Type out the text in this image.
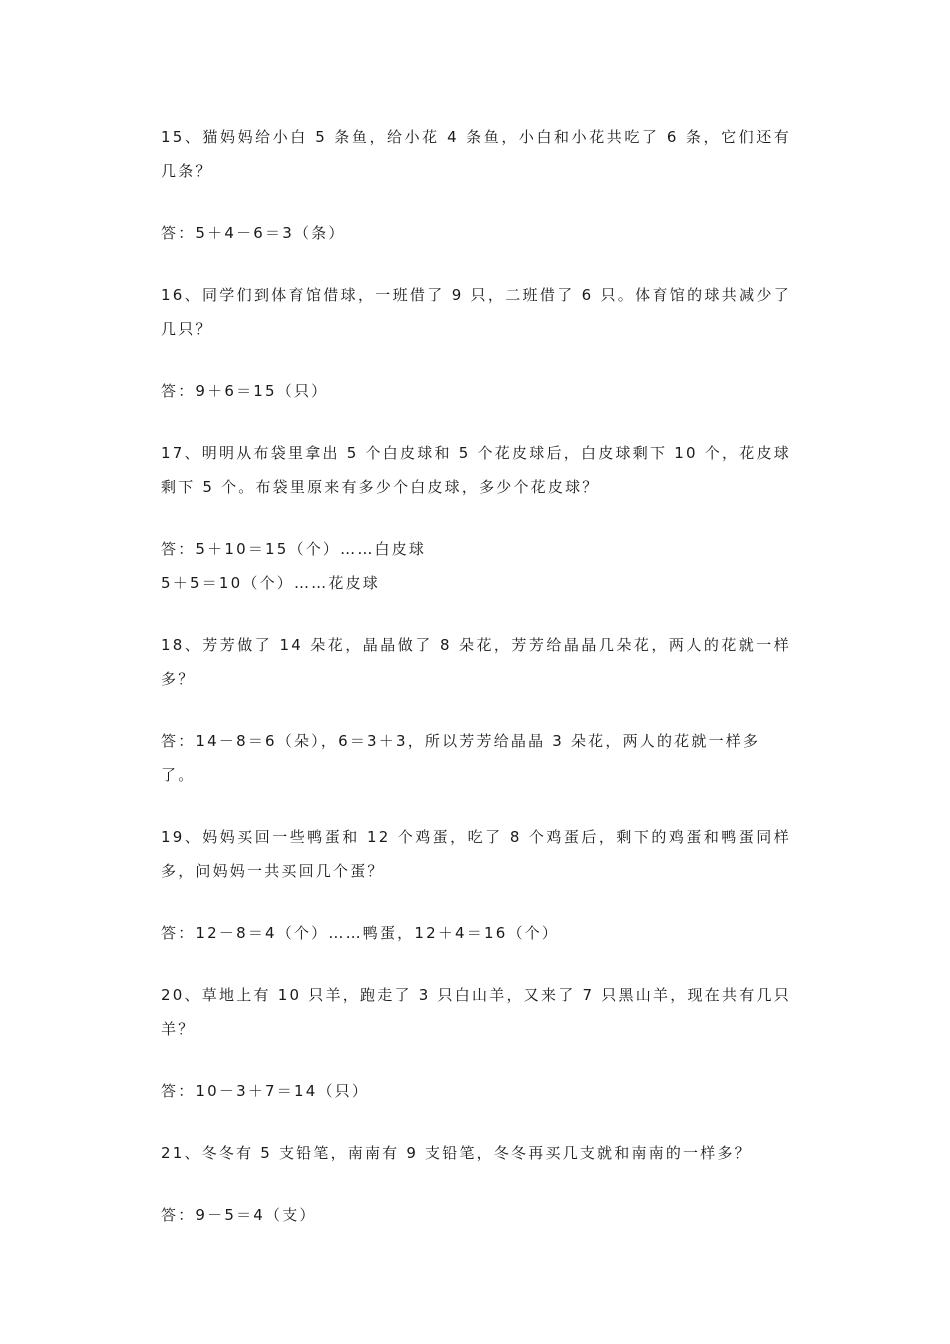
15、猫妈妈给小白 5 条鱼，给小花 4 条鱼，小白和小花共吃了 6 条，它们还有几条？

答：5＋4－6＝3（条）

16、同学们到体育馆借球，一班借了 9 只，二班借了 6 只。体育馆的球共减少了几只？

答：9＋6＝15（只）

17、明明从布袋里拿出 5 个白皮球和 5 个花皮球后，白皮球剩下 10 个，花皮球剩下 5 个。布袋里原来有多少个白皮球，多少个花皮球？

答：5＋10＝15（个）……白皮球
5＋5＝10（个）……花皮球

18、芳芳做了 14 朵花，晶晶做了 8 朵花，芳芳给晶晶几朵花，两人的花就一样多？

答：14－8＝6（朵），6＝3＋3，所以芳芳给晶晶 3 朵花，两人的花就一样多了。

19、妈妈买回一些鸭蛋和 12 个鸡蛋，吃了 8 个鸡蛋后，剩下的鸡蛋和鸭蛋同样多，问妈妈一共买回几个蛋？

答：12－8＝4（个）……鸭蛋，12＋4＝16（个）

20、草地上有 10 只羊，跑走了 3 只白山羊，又来了 7 只黑山羊，现在共有几只羊？

答：10－3＋7＝14（只）

21、冬冬有 5 支铅笔，南南有 9 支铅笔，冬冬再买几支就和南南的一样多？

答：9－5＝4（支）
